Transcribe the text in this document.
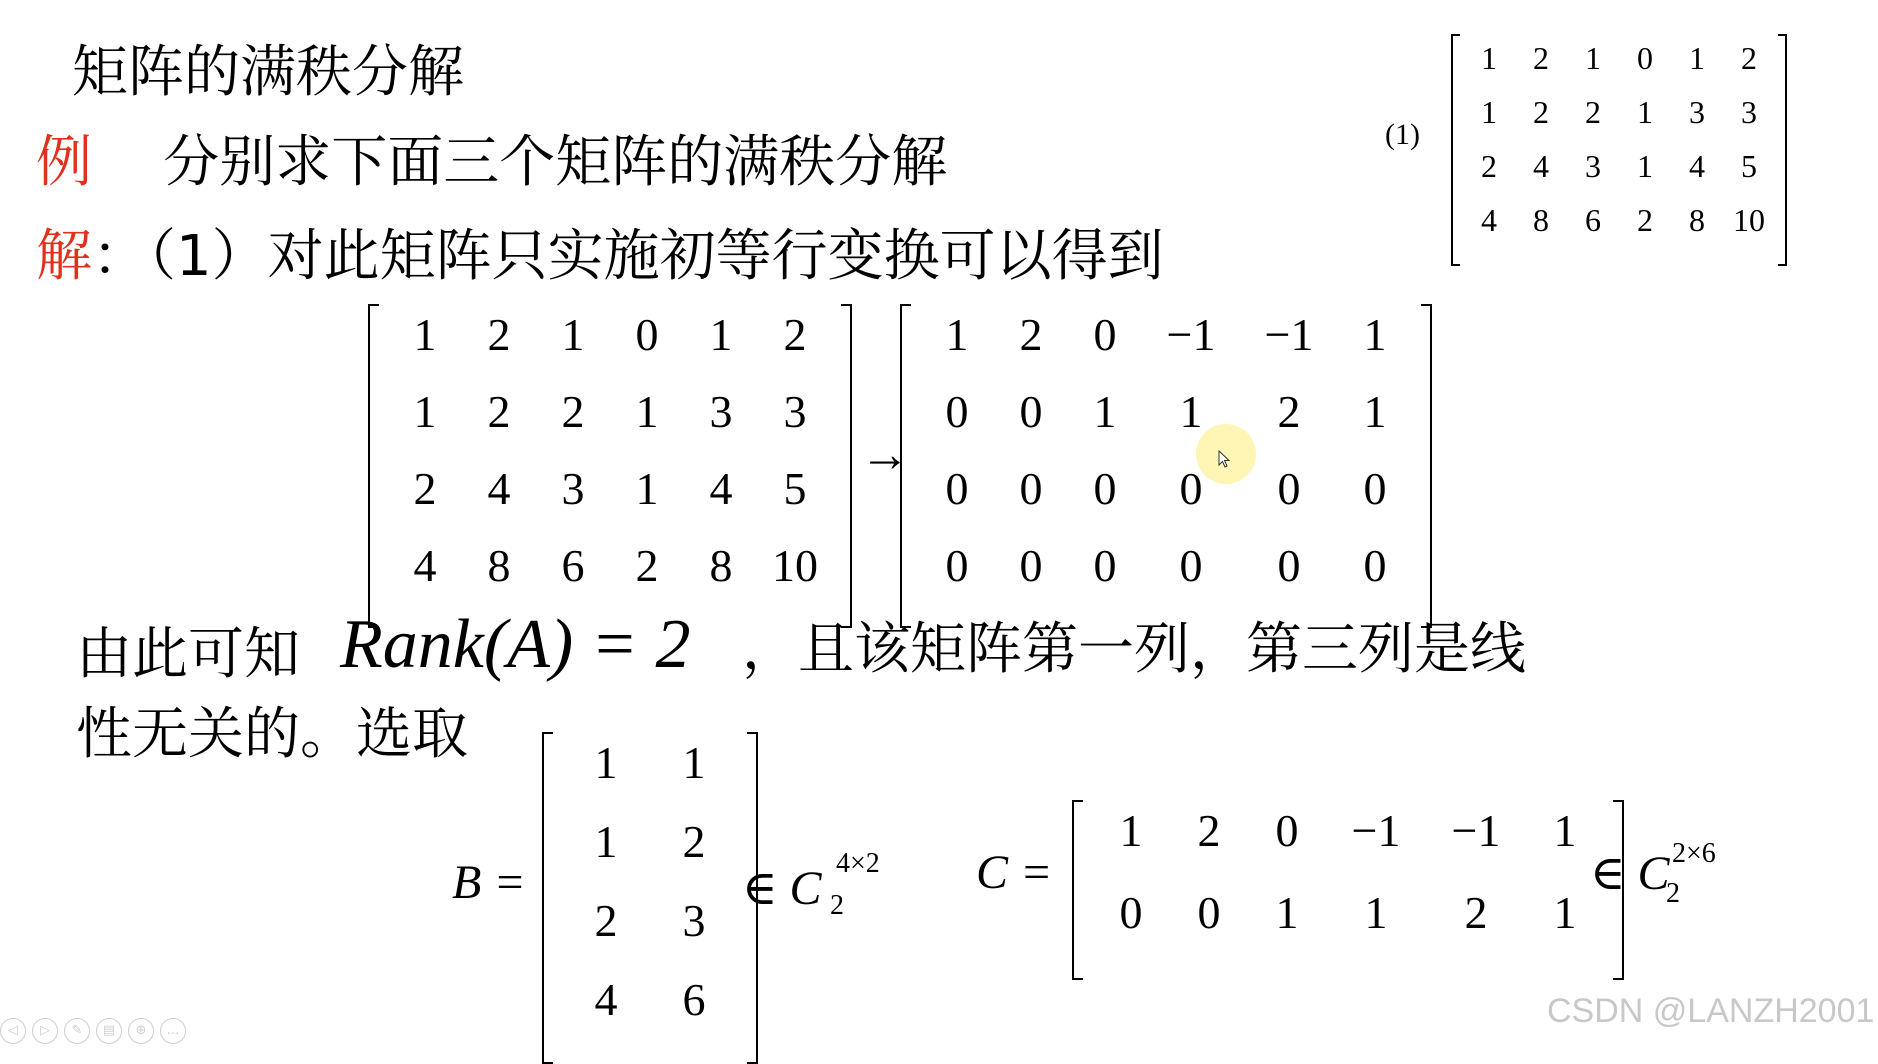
矩阵的满秩分解
例 分别求下面三个矩阵的满秩分解
解：（1）对此矩阵只实施初等行变换可以得到
(1)
1	2	1	0	1	2
1	2	2	1	3	3
2	4	3	1	4	5
4	8	6	2	8 10
1	2	1	0	1	2
1	2	2	1	3	3
2	4	3	1	4	5
4	8	6	2	8 10
→
1	2	0	−1	−1	1
0	0	1	1	2	1
0	0	0	0	0	0
0	0	0	0	0	0
由此可知 Rank(A) = 2 ，且该矩阵第一列，第三列是线
性无关的。选取
B =
1	1
1	2
2	3
4	6
∈ C 4×2
2
C =
1	2	0	−1	−1	1
0	0	1	1	2	1
∈ C 2×6
2
◁	▷	✎	▤	⊕	…
CSDN @LANZH2001
